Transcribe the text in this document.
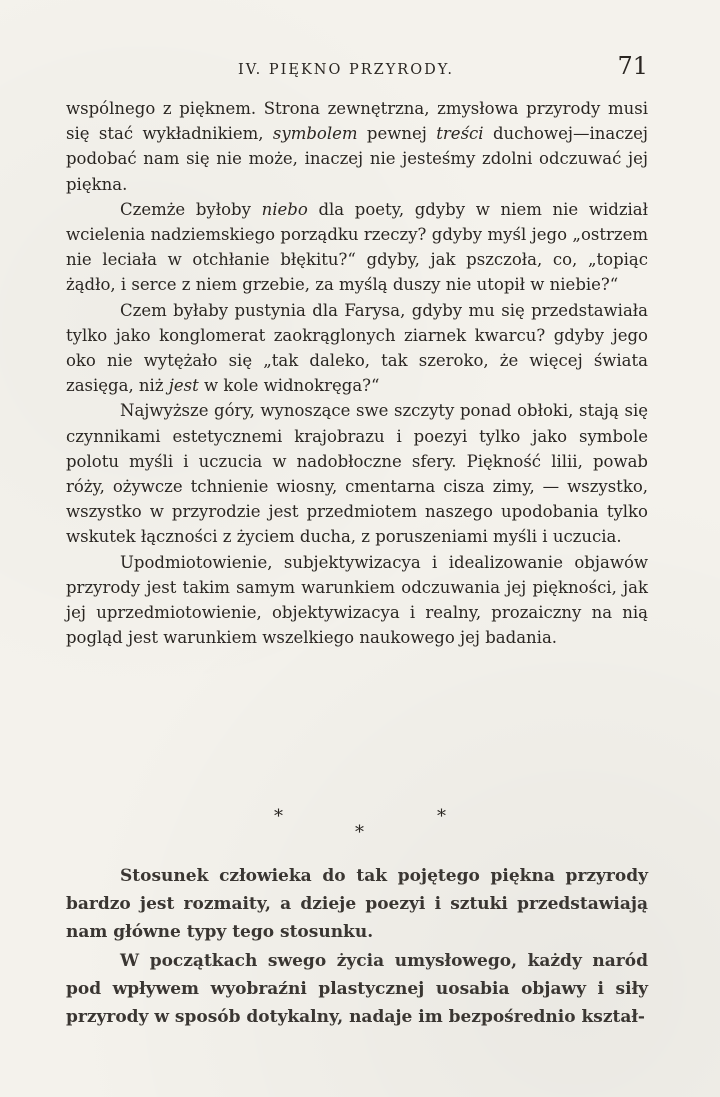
IV. PIĘKNO PRZYRODY.	71

wspólnego z pięknem. Strona zewnętrzna, zmysłowa przyrody musi się stać wykładnikiem, symbolem pewnej treści duchowej—inaczej podobać nam się nie może, inaczej nie jesteśmy zdolni odczuwać jej piękna.

Czemże byłoby niebo dla poety, gdyby w niem nie widział wcielenia nadziemskiego porządku rzeczy? gdyby myśl jego „ostrzem nie leciała w otchłanie błękitu?“ gdyby, jak pszczoła, co, „topiąc żądło, i serce z niem grzebie, za myślą duszy nie utopił w niebie?“

Czem byłaby pustynia dla Farysa, gdyby mu się przedstawiała tylko jako konglomerat zaokrąglonych ziarnek kwarcu? gdyby jego oko nie wytężało się „tak daleko, tak szeroko, że więcej świata zasięga, niż jest w kole widnokręga?“

Najwyższe góry, wynoszące swe szczyty ponad obłoki, stają się czynnikami estetycznemi krajobrazu i poezyi tylko jako symbole polotu myśli i uczucia w nadobłoczne sfery. Piękność lilii, powab róży, ożywcze tchnienie wiosny, cmentarna cisza zimy, — wszystko, wszystko w przyrodzie jest przedmiotem naszego upodobania tylko wskutek łączności z życiem ducha, z poruszeniami myśli i uczucia.

Upodmiotowienie, subjektywizacya i idealizowanie objawów przyrody jest takim samym warunkiem odczuwania jej piękności, jak jej uprzedmiotowienie, objektywizacya i realny, prozaiczny na nią pogląd jest warunkiem wszelkiego naukowego jej badania.

*
*
*

Stosunek człowieka do tak pojętego piękna przyrody bardzo jest rozmaity, a dzieje poezyi i sztuki przedstawiają nam główne typy tego stosunku.

W początkach swego życia umysłowego, każdy naród pod wpływem wyobraźni plastycznej uosabia objawy i siły przyrody w sposób dotykalny, nadaje im bezpośrednio kształ-
